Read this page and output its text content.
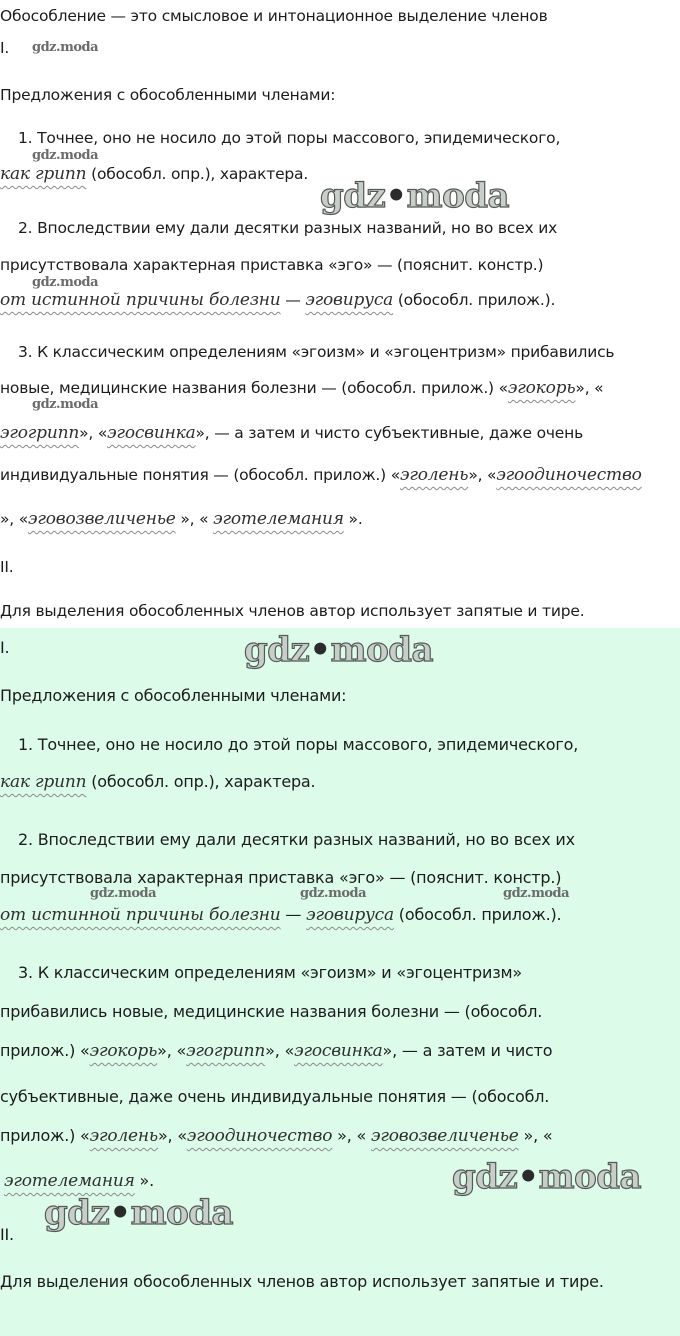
Обособление — это смысловое и интонационное выделение членов
I. gdz.moda
Предложения с обособленными членами:
1. Точнее, оно не носило до этой поры массового, эпидемического,
gdz.moda
как грипп (обособл. опр.), характера.
gdz•moda
2. Впоследствии ему дали десятки разных названий, но во всех их
присутствовала характерная приставка «эго» — (пояснит. констр.)
gdz.moda
от истинной причины болезни — эговируса (обособл. прилож.).
3. К классическим определениям «эгоизм» и «эгоцентризм» прибавились
новые, медицинские названия болезни — (обособл. прилож.) «эгокорь», «
gdz.moda
эгогрипп», «эгосвинка», — а затем и чисто субъективные, даже очень
индивидуальные понятия — (обособл. прилож.) «эголень», «эгоодиночество
», «эговозвеличенье », « эготелемания ».
II.
Для выделения обособленных членов автор использует запятые и тире.
I.	gdz•moda
Предложения с обособленными членами:
1. Точнее, оно не носило до этой поры массового, эпидемического,
как грипп (обособл. опр.), характера.
2. Впоследствии ему дали десятки разных названий, но во всех их
присутствовала характерная приставка «эго» — (пояснит. констр.)
gdz.moda	gdz.moda	gdz.moda
от истинной причины болезни — эговируса (обособл. прилож.).
3. К классическим определениям «эгоизм» и «эгоцентризм»
прибавились новые, медицинские названия болезни — (обособл.
прилож.) «эгокорь», «эгогрипп», «эгосвинка», — а затем и чисто
субъективные, даже очень индивидуальные понятия — (обособл.
прилож.) «эголень», «эгоодиночество », « эговозвеличенье », «
эготелемания ».	gdz•moda
gdz•moda
II.
Для выделения обособленных членов автор использует запятые и тире.
